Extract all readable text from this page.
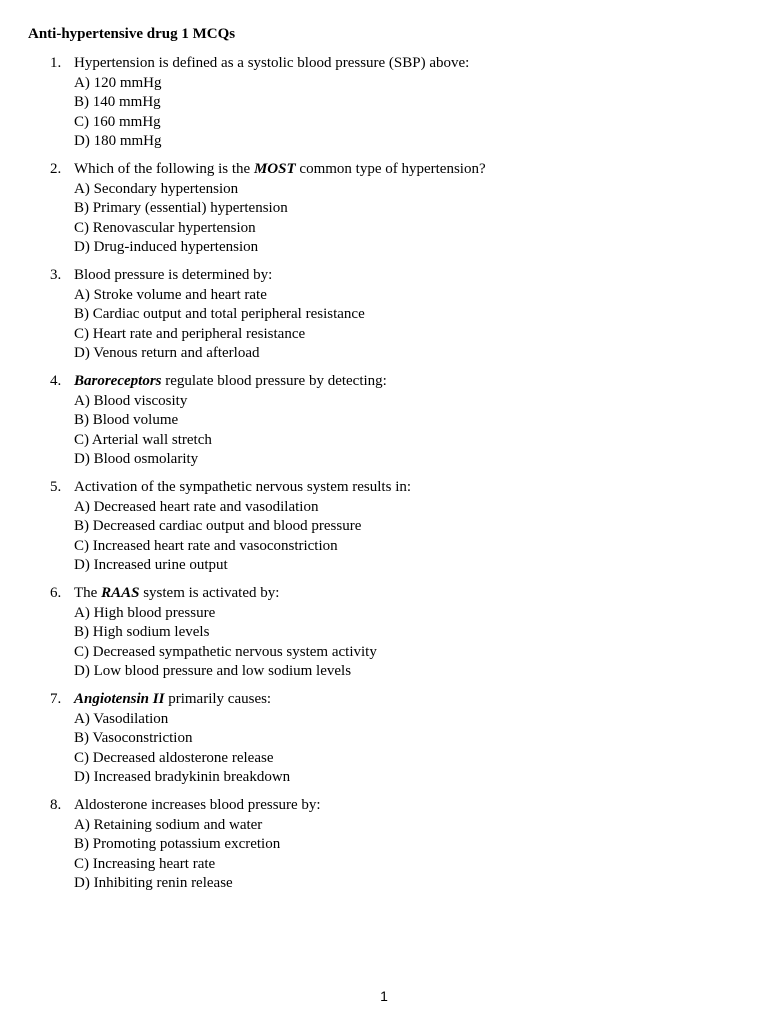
Anti-hypertensive drug 1 MCQs
1. Hypertension is defined as a systolic blood pressure (SBP) above:
A) 120 mmHg
B) 140 mmHg
C) 160 mmHg
D) 180 mmHg
2. Which of the following is the MOST common type of hypertension?
A) Secondary hypertension
B) Primary (essential) hypertension
C) Renovascular hypertension
D) Drug-induced hypertension
3. Blood pressure is determined by:
A) Stroke volume and heart rate
B) Cardiac output and total peripheral resistance
C) Heart rate and peripheral resistance
D) Venous return and afterload
4. Baroreceptors regulate blood pressure by detecting:
A) Blood viscosity
B) Blood volume
C) Arterial wall stretch
D) Blood osmolarity
5. Activation of the sympathetic nervous system results in:
A) Decreased heart rate and vasodilation
B) Decreased cardiac output and blood pressure
C) Increased heart rate and vasoconstriction
D) Increased urine output
6. The RAAS system is activated by:
A) High blood pressure
B) High sodium levels
C) Decreased sympathetic nervous system activity
D) Low blood pressure and low sodium levels
7. Angiotensin II primarily causes:
A) Vasodilation
B) Vasoconstriction
C) Decreased aldosterone release
D) Increased bradykinin breakdown
8. Aldosterone increases blood pressure by:
A) Retaining sodium and water
B) Promoting potassium excretion
C) Increasing heart rate
D) Inhibiting renin release
1
